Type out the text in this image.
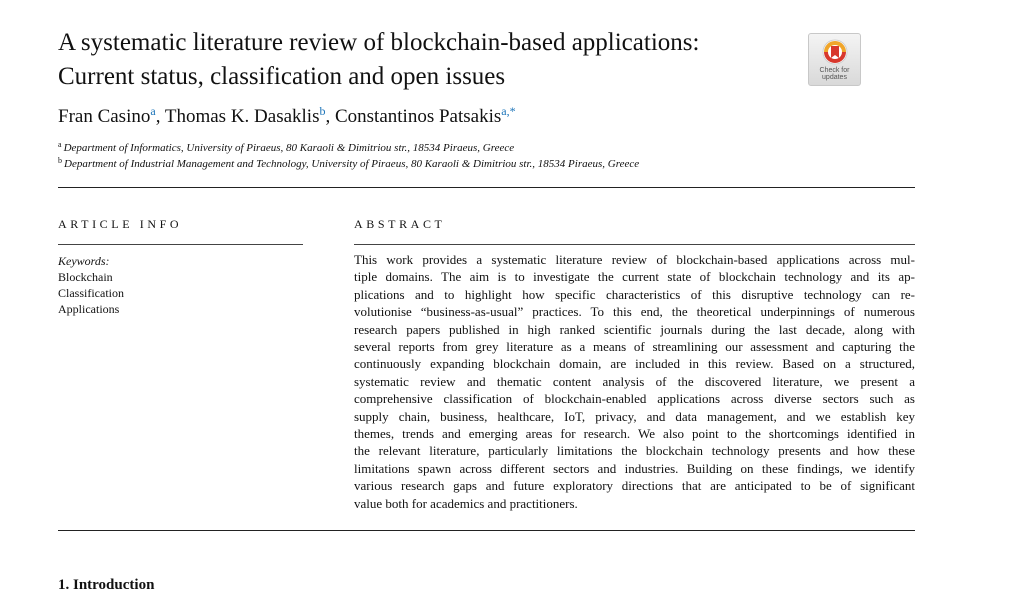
A systematic literature review of blockchain-based applications:
Current status, classification and open issues	Check for
updates
Fran Casino$^a$, Thomas K. Dasaklis$^b$, Constantinos Patsakis$^{a,*}$
$^a$ Department of Informatics, University of Piraeus, 80 Karaoli & Dimitriou str., 18534 Piraeus, Greece
$^b$ Department of Industrial Management and Technology, University of Piraeus, 80 Karaoli & Dimitriou str., 18534 Piraeus, Greece
ARTICLE INFO	ABSTRACT
Keywords:
Blockchain
Classification
Applications
This work provides a systematic literature review of blockchain-based applications across mul-
tiple domains. The aim is to investigate the current state of blockchain technology and its ap-
plications and to highlight how specific characteristics of this disruptive technology can re-
volutionise “business-as-usual” practices. To this end, the theoretical underpinnings of numerous
research papers published in high ranked scientific journals during the last decade, along with
several reports from grey literature as a means of streamlining our assessment and capturing the
continuously expanding blockchain domain, are included in this review. Based on a structured,
systematic review and thematic content analysis of the discovered literature, we present a
comprehensive classification of blockchain-enabled applications across diverse sectors such as
supply chain, business, healthcare, IoT, privacy, and data management, and we establish key
themes, trends and emerging areas for research. We also point to the shortcomings identified in
the relevant literature, particularly limitations the blockchain technology presents and how these
limitations spawn across different sectors and industries. Building on these findings, we identify
various research gaps and future exploratory directions that are anticipated to be of significant
value both for academics and practitioners.
1. Introduction
